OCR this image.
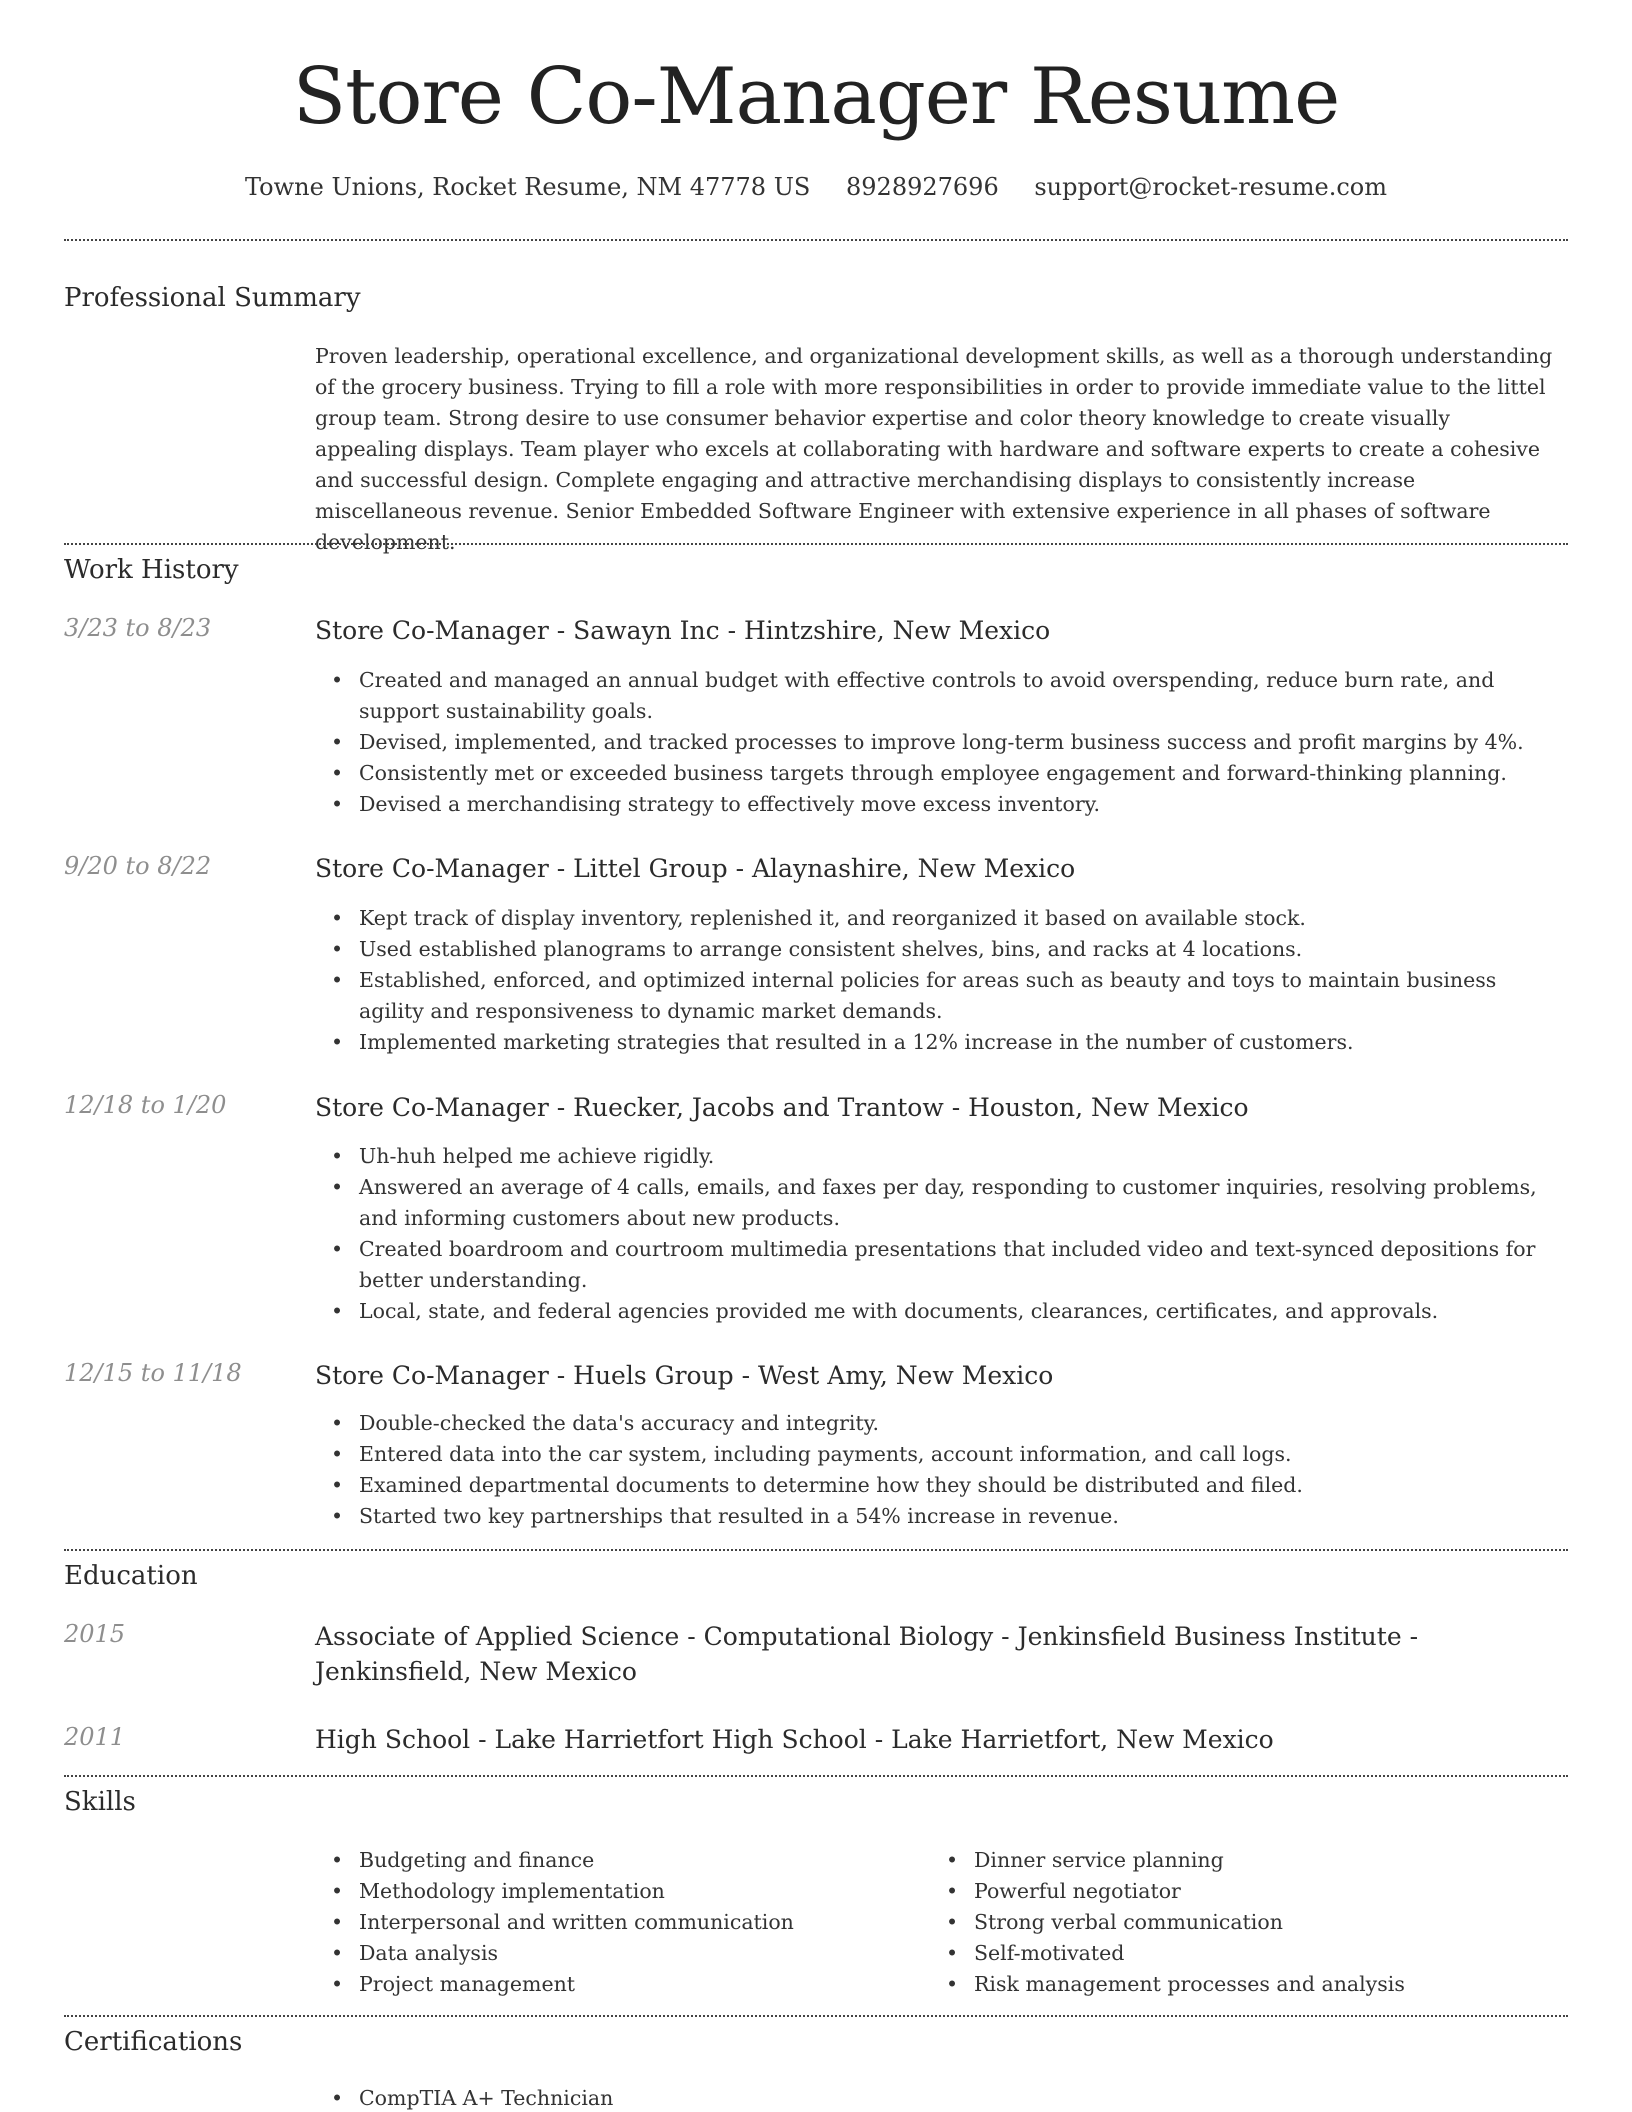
Store Co-Manager Resume
Towne Unions, Rocket Resume, NM 47778 US 8928927696 support@rocket-resume.com
Professional Summary

Proven leadership, operational excellence, and organizational development skills, as well as a thorough understanding of the grocery business. Trying to fill a role with more responsibilities in order to provide immediate value to the littel group team. Strong desire to use consumer behavior expertise and color theory knowledge to create visually appealing displays. Team player who excels at collaborating with hardware and software experts to create a cohesive and successful design. Complete engaging and attractive merchandising displays to consistently increase miscellaneous revenue. Senior Embedded Software Engineer with extensive experience in all phases of software development.

Work History
3/23 to 8/23	Store Co-Manager - Sawayn Inc - Hintzshire, New Mexico
• Created and managed an annual budget with effective controls to avoid overspending, reduce burn rate, and support sustainability goals.
• Devised, implemented, and tracked processes to improve long-term business success and profit margins by 4%.
• Consistently met or exceeded business targets through employee engagement and forward-thinking planning.
• Devised a merchandising strategy to effectively move excess inventory.
9/20 to 8/22	Store Co-Manager - Littel Group - Alaynashire, New Mexico
• Kept track of display inventory, replenished it, and reorganized it based on available stock.
• Used established planograms to arrange consistent shelves, bins, and racks at 4 locations.
• Established, enforced, and optimized internal policies for areas such as beauty and toys to maintain business agility and responsiveness to dynamic market demands.
• Implemented marketing strategies that resulted in a 12% increase in the number of customers.
12/18 to 1/20	Store Co-Manager - Ruecker, Jacobs and Trantow - Houston, New Mexico
• Uh-huh helped me achieve rigidly.
• Answered an average of 4 calls, emails, and faxes per day, responding to customer inquiries, resolving problems, and informing customers about new products.
• Created boardroom and courtroom multimedia presentations that included video and text-synced depositions for better understanding.
• Local, state, and federal agencies provided me with documents, clearances, certificates, and approvals.
12/15 to 11/18	Store Co-Manager - Huels Group - West Amy, New Mexico
• Double-checked the data's accuracy and integrity.
• Entered data into the car system, including payments, account information, and call logs.
• Examined departmental documents to determine how they should be distributed and filed.
• Started two key partnerships that resulted in a 54% increase in revenue.
Education
2015	Associate of Applied Science - Computational Biology - Jenkinsfield Business Institute - Jenkinsfield, New Mexico
2011	High School - Lake Harrietfort High School - Lake Harrietfort, New Mexico
Skills
• Budgeting and finance
• Methodology implementation
• Interpersonal and written communication
• Data analysis
• Project management
• Dinner service planning
• Powerful negotiator
• Strong verbal communication
• Self-motivated
• Risk management processes and analysis
Certifications
• CompTIA A+ Technician
